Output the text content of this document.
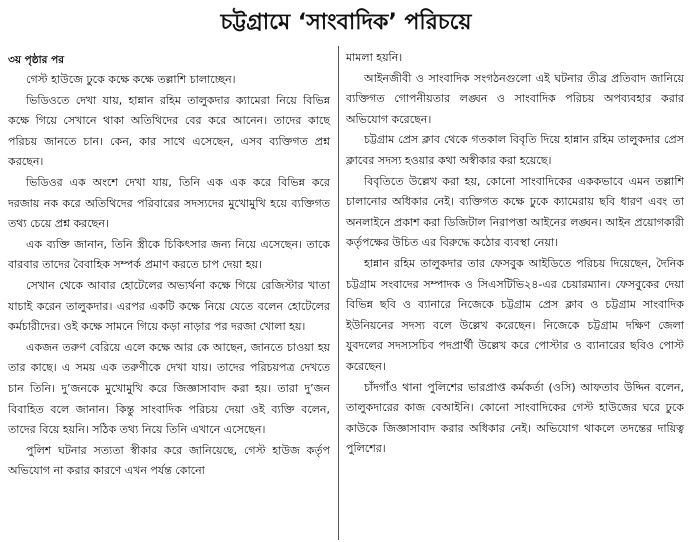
চট্টগ্রামে ‘সাংবাদিক’ পরিচয়ে
৩য় পৃষ্ঠার পর

গেস্ট হাউজে ঢুকে কক্ষে কক্ষে তল্লাশি চালাচ্ছেন।

ভিডিওতে দেখা যায়, হান্নান রহিম তালুকদার ক্যামেরা নিয়ে বিভিন্ন কক্ষে গিয়ে সেখানে থাকা অতিথিদের বের করে আনেন। তাদের কাছে পরিচয় জানতে চান। কেন, কার সাথে এসেছেন, এসব ব্যক্তিগত প্রশ্ন করছেন।

ভিডিওর এক অংশে দেখা যায়, তিনি এক এক করে বিভিন্ন করে দরজায় নক করে অতিথিদের পরিবারের সদস্যদের মুখোমুখি হয়ে ব্যক্তিগত তথ্য চেয়ে প্রশ্ন করছেন।

এক ব্যক্তি জানান, তিনি স্ত্রীকে চিকিৎসার জন্য নিয়ে এসেছেন। তাকে বারবার তাদের বৈবাহিক সম্পর্ক প্রমাণ করতে চাপ দেয়া হয়।

সেখান থেকে আবার হোটেলের অভ্যর্থনা কক্ষে গিয়ে রেজিস্টার খাতা যাচাই করেন তালুকদার। এরপর একটি কক্ষে নিয়ে যেতে বলেন হোটেলের কর্মচারীদের। ওই কক্ষে সামনে গিয়ে কড়া নাড়ার পর দরজা খোলা হয়।

একজন তরুণ বেরিয়ে এলে কক্ষে আর কে আছেন, জানতে চাওয়া হয় তার কাছে। এ সময় এক তরুণীকে দেখা যায়। তাদের পরিচয়পত্র দেখতে চান তিনি। দু’জনকে মুখোমুখি করে জিজ্ঞাসাবাদ করা হয়। তারা দু’জন বিবাহিত বলে জানান। কিন্তু সাংবাদিক পরিচয় দেয়া ওই ব্যক্তি বলেন, তাদের বিয়ে হয়নি। সঠিক তথ্য নিয়ে তিনি এখানে এসেছেন।

পুলিশ ঘটনার সত্যতা স্বীকার করে জানিয়েছে, গেস্ট হাউজ কর্তৃপ অভিযোগ না করার কারণে এখন পর্যন্ত কোনো

মামলা হয়নি।

আইনজীবী ও সাংবাদিক সংগঠনগুলো এই ঘটনার তীব্র প্রতিবাদ জানিয়ে ব্যক্তিগত গোপনীয়তার লঙ্ঘন ও সাংবাদিক পরিচয় অপব্যবহার করার অভিযোগ করেছেন।

চট্টগ্রাম প্রেস ক্লাব থেকে গতকাল বিবৃতি দিয়ে হান্নান রহিম তালুকদার প্রেস ক্লাবের সদস্য হওয়ার কথা অস্বীকার করা হয়েছে।

বিবৃতিতে উল্লেখ করা হয়, কোনো সাংবাদিকের এককভাবে এমন তল্লাশি চালানোর অধিকার নেই। ব্যক্তিগত কক্ষে ঢুকে ক্যামেরায় ছবি ধারণ এবং তা অনলাইনে প্রকাশ করা ডিজিটাল নিরাপত্তা আইনের লঙ্ঘন। আইন প্রয়োগকারী কর্তৃপক্ষের উচিত এর বিরুদ্ধে কঠোর ব্যবস্থা নেয়া।

হান্নান রহিম তালুকদার তার ফেসবুক আইডিতে পরিচয় দিয়েছেন, দৈনিক চট্টগ্রাম সংবাদের সম্পাদক ও সিএসটিভি২৪-এর চেয়ারম্যান। ফেসবুকের দেয়া বিভিন্ন ছবি ও ব্যানারে নিজেকে চট্টগ্রাম প্রেস ক্লাব ও চট্টগ্রাম সাংবাদিক ইউনিয়নের সদস্য বলে উল্লেখ করেছেন। নিজেকে চট্টগ্রাম দক্ষিণ জেলা যুবদলের সদস্যসচিব পদপ্রার্থী উল্লেখ করে পোস্টার ও ব্যানারের ছবিও পোস্ট করেছেন।

চাঁদগাঁও থানা পুলিশের ভারপ্রাপ্ত কর্মকর্তা (ওসি) আফতাব উদ্দিন বলেন, তালুকদারের কাজ বেআইনি। কোনো সাংবাদিকের গেস্ট হাউজের ঘরে ঢুকে কাউকে জিজ্ঞাসাবাদ করার অধিকার নেই। অভিযোগ থাকলে তদন্তের দায়িত্ব পুলিশের।
